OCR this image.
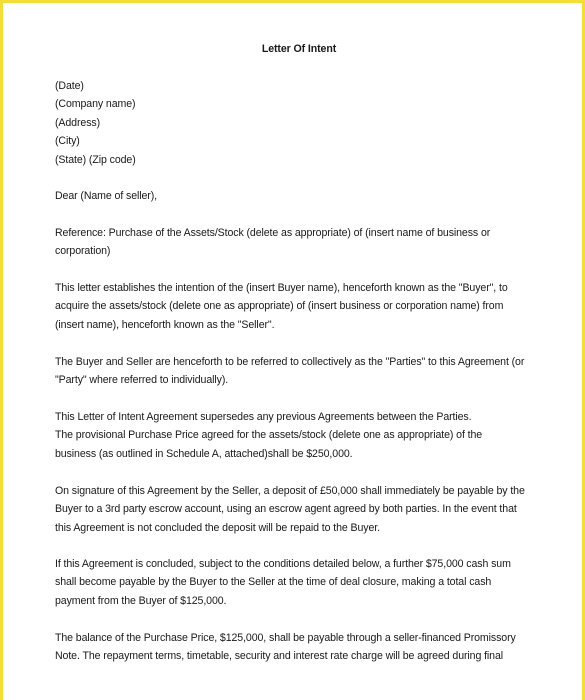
Letter Of Intent
(Date)
(Company name)
(Address)
(City)
(State) (Zip code)
Dear (Name of seller),
Reference: Purchase of the Assets/Stock (delete as appropriate) of (insert name of business or
corporation)
This letter establishes the intention of the (insert Buyer name), henceforth known as the "Buyer", to
acquire the assets/stock (delete one as appropriate) of (insert business or corporation name) from
(insert name), henceforth known as the "Seller".
The Buyer and Seller are henceforth to be referred to collectively as the "Parties" to this Agreement (or
"Party" where referred to individually).
This Letter of Intent Agreement supersedes any previous Agreements between the Parties.
The provisional Purchase Price agreed for the assets/stock (delete one as appropriate) of the
business (as outlined in Schedule A, attached)shall be $250,000.
On signature of this Agreement by the Seller, a deposit of £50,000 shall immediately be payable by the
Buyer to a 3rd party escrow account, using an escrow agent agreed by both parties. In the event that
this Agreement is not concluded the deposit will be repaid to the Buyer.
If this Agreement is concluded, subject to the conditions detailed below, a further $75,000 cash sum
shall become payable by the Buyer to the Seller at the time of deal closure, making a total cash
payment from the Buyer of $125,000.
The balance of the Purchase Price, $125,000, shall be payable through a seller-financed Promissory
Note. The repayment terms, timetable, security and interest rate charge will be agreed during final
